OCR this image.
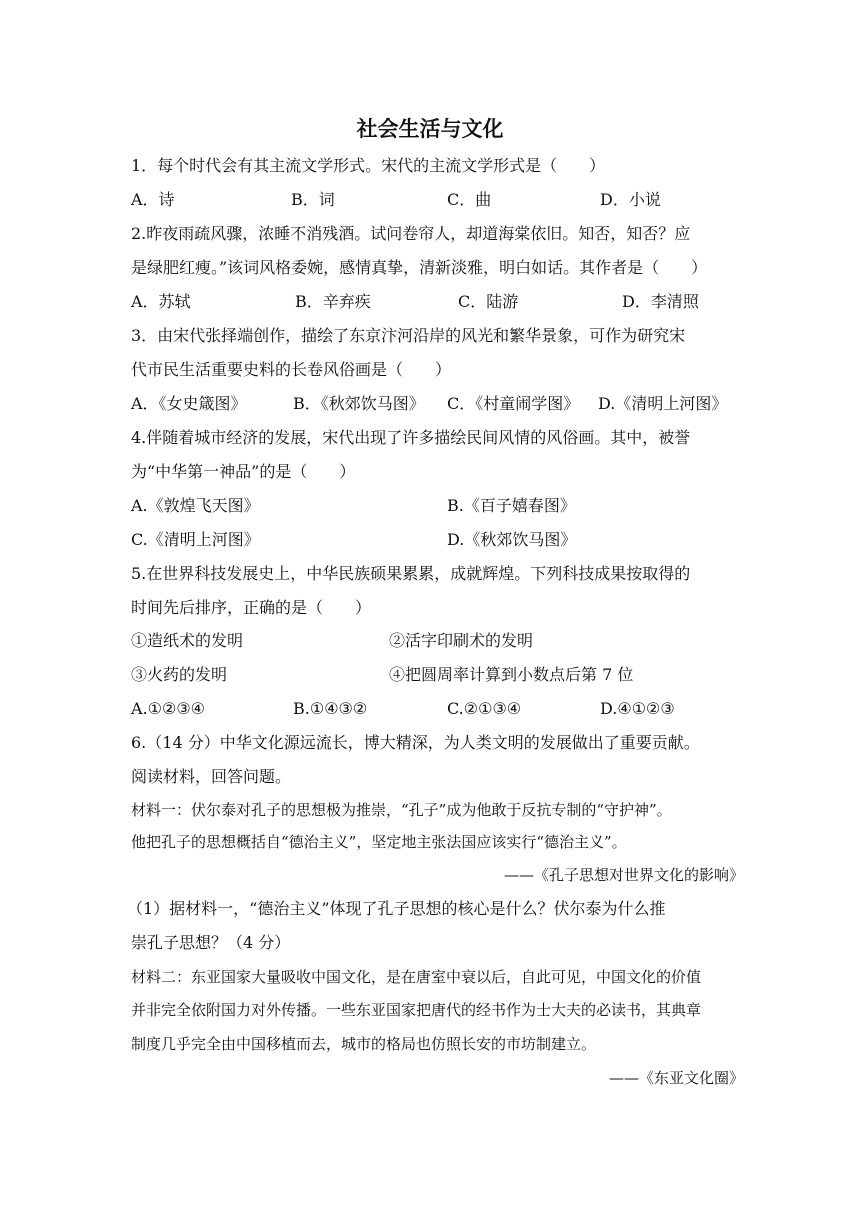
社会生活与文化
1．每个时代会有其主流文学形式。宋代的主流文学形式是（　　）
A．诗	B．词	C．曲	D．小说
2.昨夜雨疏风骤，浓睡不消残酒。试问卷帘人，却道海棠依旧。知否，知否？应
是绿肥红瘦。”该词风格委婉，感情真挚，清新淡雅，明白如话。其作者是（　　）
A．苏轼	B．辛弃疾	C．陆游	D．李清照
3．由宋代张择端创作，描绘了东京汴河沿岸的风光和繁华景象，可作为研究宋
代市民生活重要史料的长卷风俗画是（　　）
A．《女史箴图》	B．《秋郊饮马图》 C．《村童闹学图》 D.《清明上河图》
4.伴随着城市经济的发展，宋代出现了许多描绘民间风情的风俗画。其中，被誉
为“中华第一神品”的是（　　）
A.《敦煌飞天图》	B.《百子嬉春图》
C.《清明上河图》	D.《秋郊饮马图》
5.在世界科技发展史上，中华民族硕果累累，成就辉煌。下列科技成果按取得的
时间先后排序，正确的是（　　）
①造纸术的发明	②活字印刷术的发明
③火药的发明	④把圆周率计算到小数点后第 7 位
A.①②③④	B.①④③②	C.②①③④	D.④①②③
6.（14 分）中华文化源远流长，博大精深，为人类文明的发展做出了重要贡献。
阅读材料，回答问题。
材料一：伏尔泰对孔子的思想极为推崇，“孔子”成为他敢于反抗专制的“守护神”。
他把孔子的思想概括自“德治主义”，坚定地主张法国应该实行“德治主义”。
——《孔子思想对世界文化的影响》
（1）据材料一，“德治主义”体现了孔子思想的核心是什么？伏尔泰为什么推
崇孔子思想？（4 分）
材料二：东亚国家大量吸收中国文化，是在唐室中衰以后，自此可见，中国文化的价值
并非完全依附国力对外传播。一些东亚国家把唐代的经书作为士大夫的必读书，其典章
制度几乎完全由中国移植而去，城市的格局也仿照长安的市坊制建立。
——《东亚文化圈》
